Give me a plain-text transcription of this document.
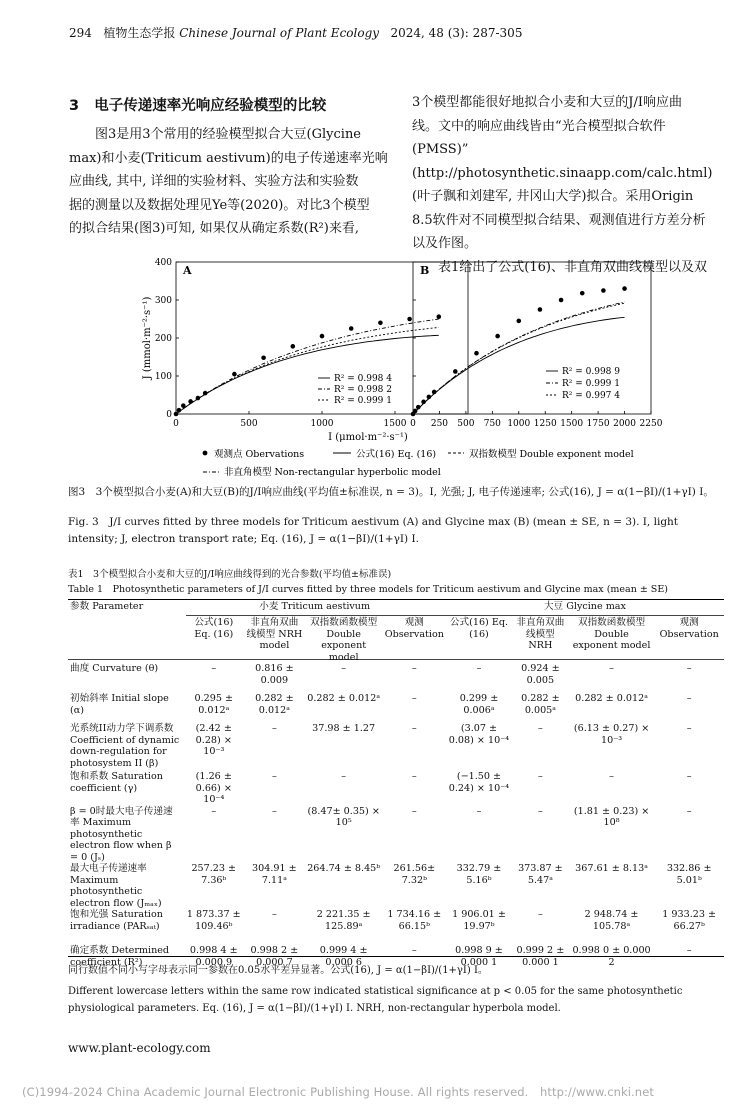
294 植物生态学报 Chinese Journal of Plant Ecology 2024, 48 (3): 287-305
3 电子传递速率光响应经验模型的比较
图3是用3个常用的经验模型拟合大豆(Glycine
max)和小麦(Triticum aestivum)的电子传递速率光响
应曲线, 其中, 详细的实验材料、实验方法和实验数
据的测量以及数据处理见Ye等(2020)。对比3个模型
的拟合结果(图3)可知, 如果仅从确定系数(R²)来看,
3个模型都能很好地拟合小麦和大豆的J/I响应曲
线。文中的响应曲线皆由“光合模型拟合软件
(PMSS)” (http://photosynthetic.sinaapp.com/calc.html)
(叶子飘和刘建军, 井冈山大学)拟合。采用Origin
8.5软件对不同模型拟合结果、观测值进行方差分析
以及作图。
表1给出了公式(16)、非直角双曲线模型以及双
A
J (mmol·m⁻²·s⁻¹)
0	500	1000	1500
0
100
200
300
400
R² = 0.998 4
R² = 0.998 2
R² = 0.999 1
B
0 250 500 750 1000 1250 1500 1750 2000 2250
R² = 0.998 9
R² = 0.999 1
R² = 0.997 4
I (μmol·m⁻²·s⁻¹)
观测点 Obervations	公式(16) Eq. (16)	双指数模型 Double exponent model
非直角模型 Non-rectangular hyperbolic model
图3　3个模型拟合小麦(A)和大豆(B)的J/I响应曲线(平均值±标准误, n = 3)。I, 光强; J, 电子传递速率; 公式(16), J = α(1−βI)/(1+γI) I。
Fig. 3　J/I curves fitted by three models for Triticum aestivum (A) and Glycine max (B) (mean ± SE, n = 3). I, light intensity; J, electron transport rate; Eq. (16), J = α(1−βI)/(1+γI) I.
表1　3个模型拟合小麦和大豆的J/I响应曲线得到的光合参数(平均值±标准误)
Table 1　Photosynthetic parameters of J/I curves fitted by three models for Triticum aestivum and Glycine max (mean ± SE)
参数 Parameter	小麦 Triticum aestivum				大豆 Glycine max			
	公式(16) Eq. (16)	非直角双曲线模型 NRH model	双指数函数模型 Double exponent model	观测 Observation	公式(16) Eq. (16)	非直角双曲线模型 NRH	双指数函数模型 Double exponent model	观测 Observation
曲度 Curvature (θ)	–	0.816 ± 0.009	–	–	–	0.924 ± 0.005	–	–
初始斜率 Initial slope (α)	0.295 ± 0.012ᵃ	0.282 ± 0.012ᵃ	0.282 ± 0.012ᵃ	–	0.299 ± 0.006ᵃ	0.282 ± 0.005ᵃ	0.282 ± 0.012ᵃ	–
光系统II动力学下调系数 Coefficient of dynamic down-regulation for photosystem II (β)	(2.42 ± 0.28) × 10⁻³	–	37.98 ± 1.27	–	(3.07 ± 0.08) × 10⁻⁴	–	(6.13 ± 0.27) × 10⁻³	–
饱和系数 Saturation coefficient (γ)	(1.26 ± 0.66) × 10⁻⁴	–	–	–	(−1.50 ± 0.24) × 10⁻⁴	–	–	–
β = 0时最大电子传递速率 Maximum photosynthetic electron flow when β = 0 (Jₛ)	–	–	(8.47± 0.35) × 10⁵	–	–	–	(1.81 ± 0.23) × 10⁸	–
最大电子传递速率 Maximum photosynthetic electron flow (Jₘₐₓ)	257.23 ± 7.36ᵇ	304.91 ± 7.11ᵃ	264.74 ± 8.45ᵇ	261.56± 7.32ᵇ	332.79 ± 5.16ᵇ	373.87 ± 5.47ᵃ	367.61 ± 8.13ᵃ	332.86 ± 5.01ᵇ
饱和光强 Saturation irradiance (PARₛₐₜ)	1 873.37 ± 109.46ᵇ	–	2 221.35 ± 125.89ᵃ	1 734.16 ± 66.15ᵇ	1 906.01 ± 19.97ᵇ	–	2 948.74 ± 105.78ᵃ	1 933.23 ± 66.27ᵇ
确定系数 Determined coefficient (R²)	0.998 4 ± 0.000 9	0.998 2 ± 0.000 7	0.999 4 ± 0.000 6	–	0.998 9 ± 0.000 1	0.999 2 ± 0.000 1	0.998 0 ± 0.000 2	–
同行数值不同小写字母表示同一参数在0.05水平差异显著。公式(16), J = α(1−βI)/(1+γI) I。
Different lowercase letters within the same row indicated statistical significance at p < 0.05 for the same photosynthetic physiological parameters. Eq. (16), J = α(1−βI)/(1+γI) I. NRH, non-rectangular hyperbola model.
www.plant-ecology.com
(C)1994-2024 China Academic Journal Electronic Publishing House. All rights reserved.　http://www.cnki.net
